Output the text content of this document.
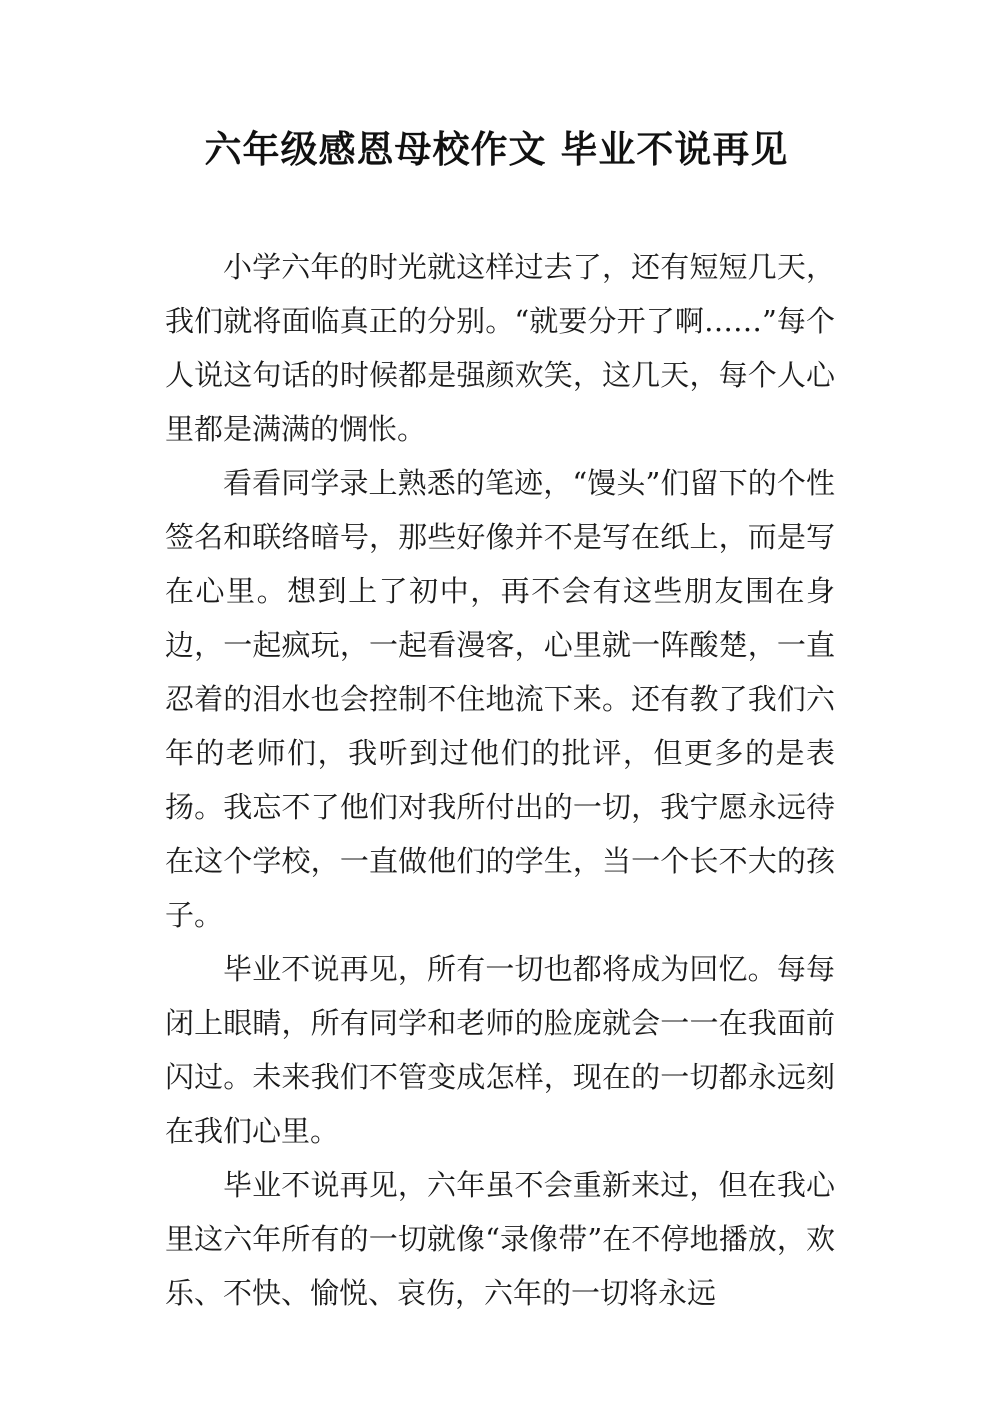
六年级感恩母校作文 毕业不说再见

小学六年的时光就这样过去了，还有短短几天，我们就将面临真正的分别。“就要分开了啊……”每个人说这句话的时候都是强颜欢笑，这几天，每个人心里都是满满的惆怅。

看看同学录上熟悉的笔迹，“馒头”们留下的个性签名和联络暗号，那些好像并不是写在纸上，而是写在心里。想到上了初中，再不会有这些朋友围在身边，一起疯玩，一起看漫客，心里就一阵酸楚，一直忍着的泪水也会控制不住地流下来。还有教了我们六年的老师们，我听到过他们的批评，但更多的是表扬。我忘不了他们对我所付出的一切，我宁愿永远待在这个学校，一直做他们的学生，当一个长不大的孩子。

毕业不说再见，所有一切也都将成为回忆。每每闭上眼睛，所有同学和老师的脸庞就会一一在我面前闪过。未来我们不管变成怎样，现在的一切都永远刻在我们心里。

毕业不说再见，六年虽不会重新来过，但在我心里这六年所有的一切就像“录像带”在不停地播放，欢乐、不快、愉悦、哀伤，六年的一切将永远
